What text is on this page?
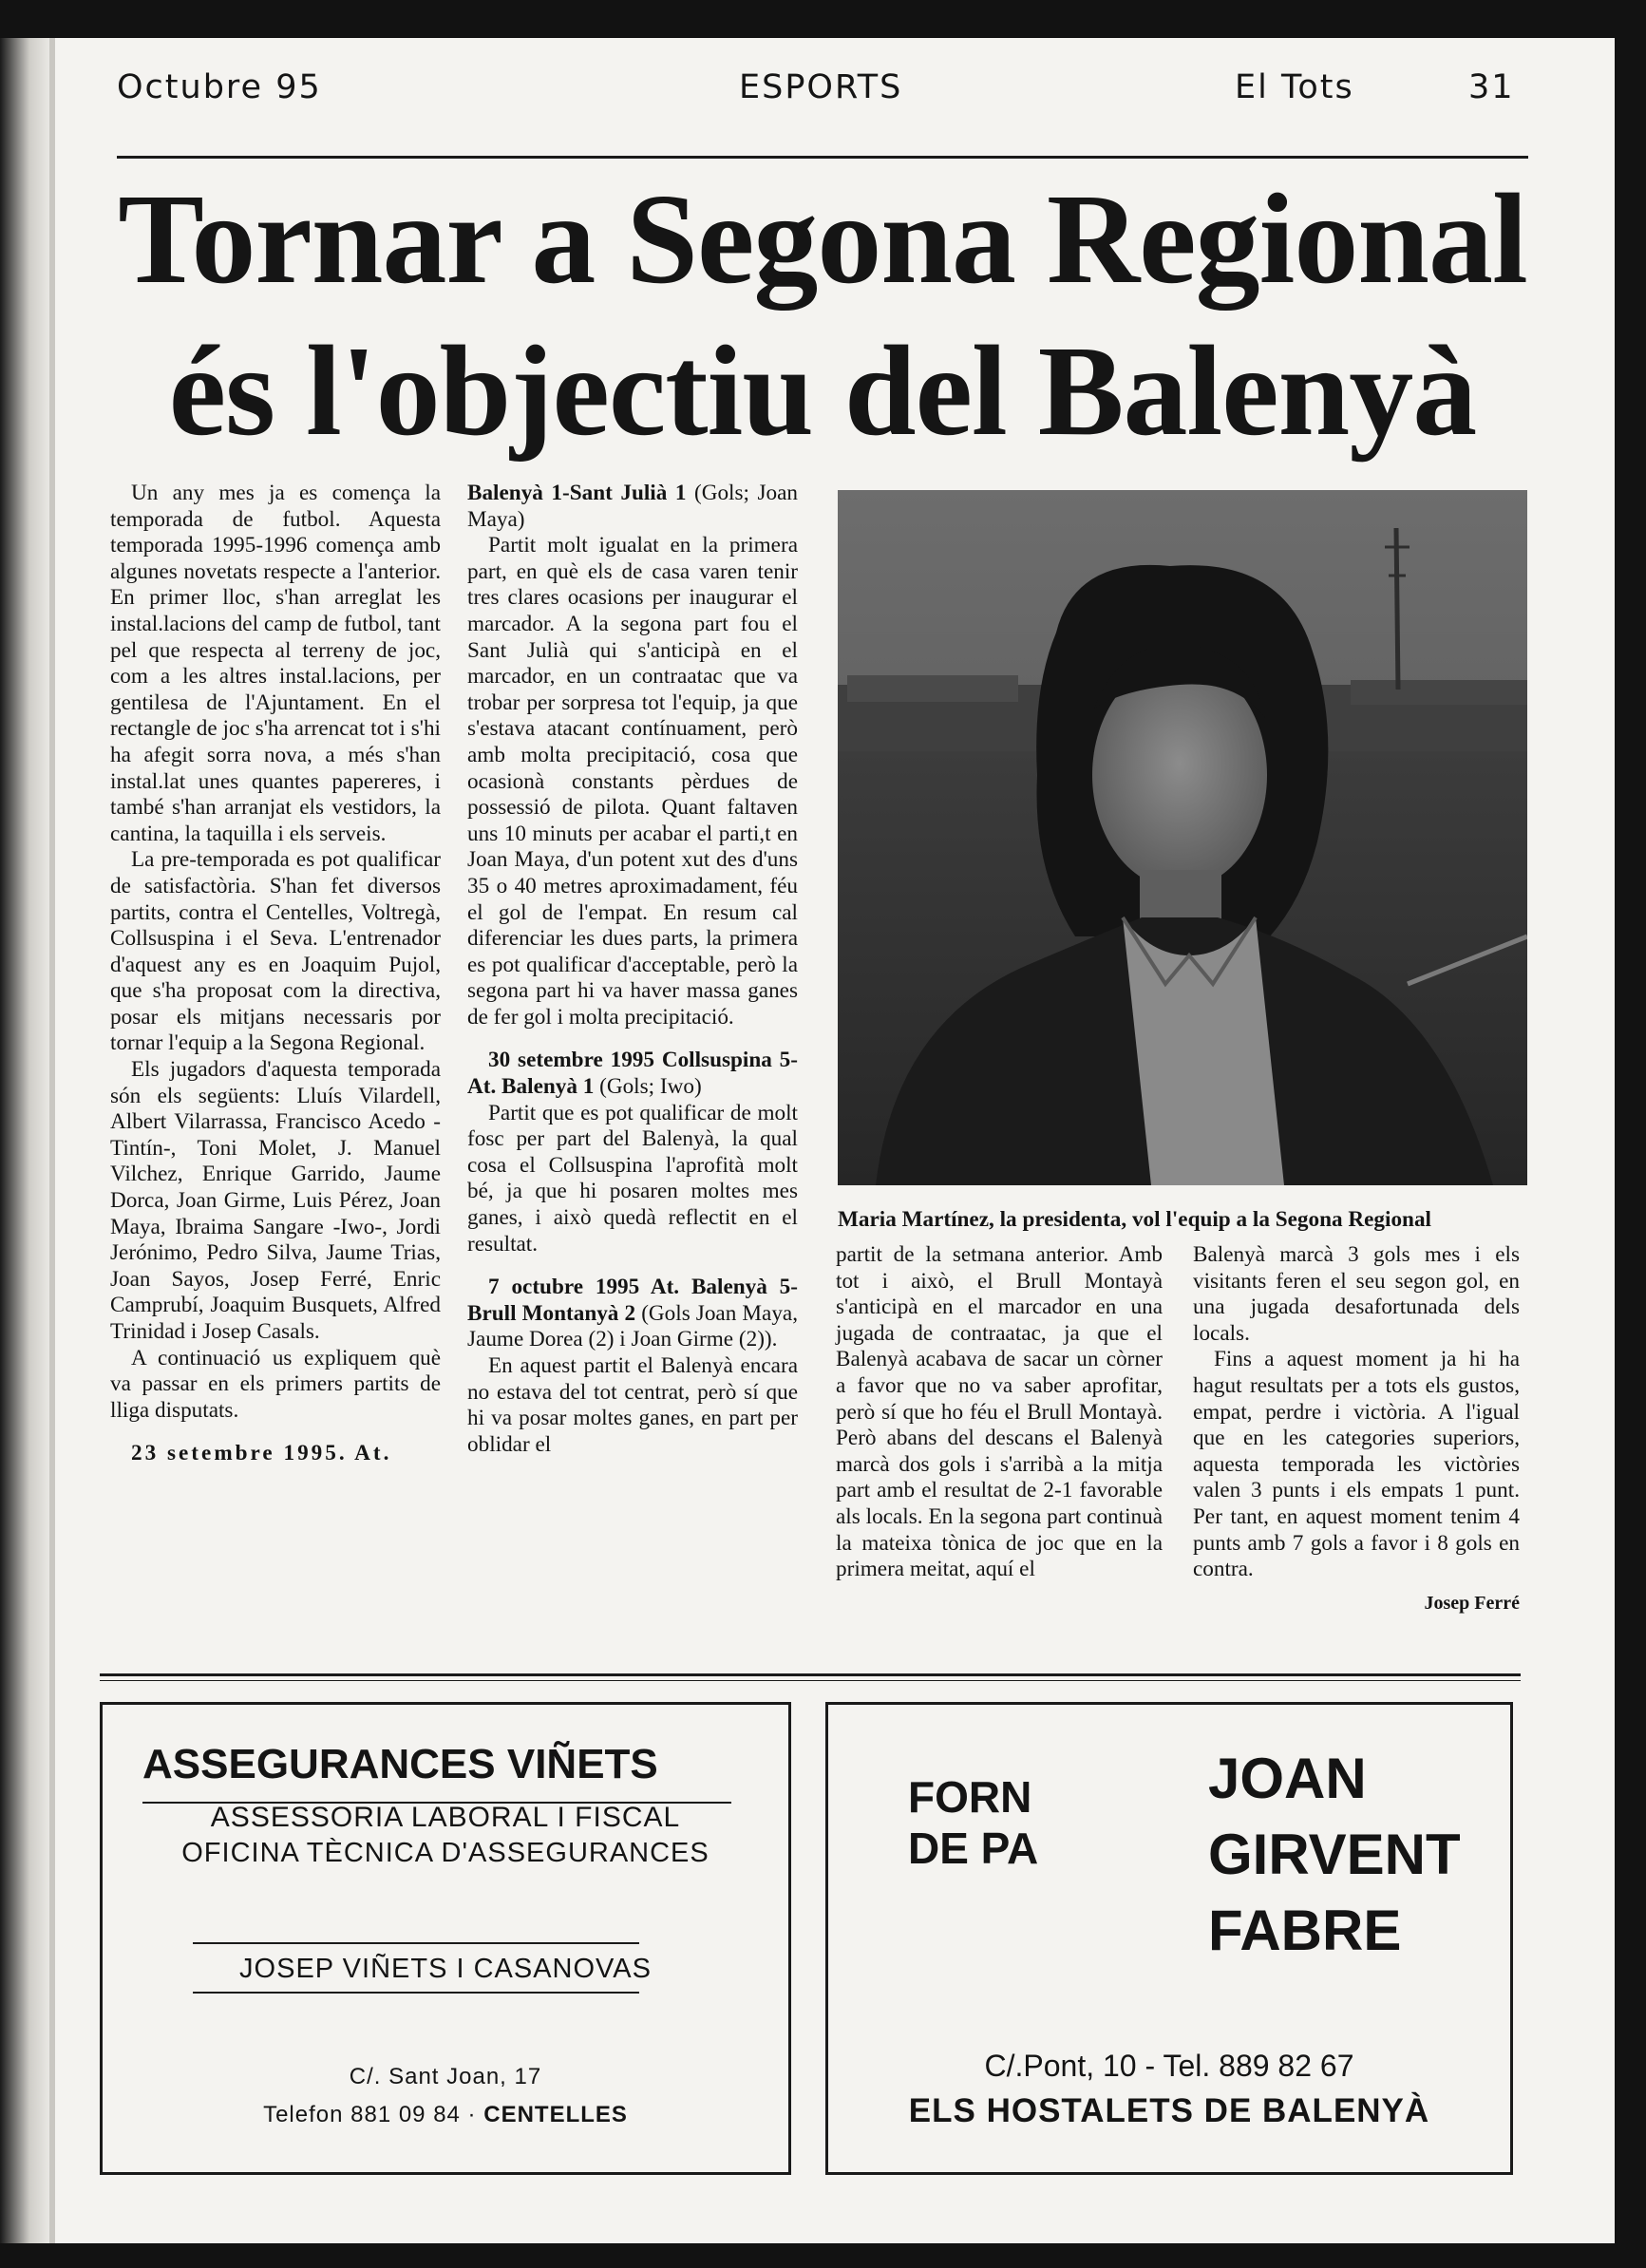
Octubre 95	ESPORTS	El Tots	31
Tornar a Segona Regional
és l'objectiu del Balenyà

Un any mes ja es comença la temporada de futbol. Aquesta temporada 1995-1996 comença amb algunes novetats respecte a l'anterior. En primer lloc, s'han arreglat les instal.lacions del camp de futbol, tant pel que respecta al terreny de joc, com a les altres instal.lacions, per gentilesa de l'Ajuntament. En el rectangle de joc s'ha arrencat tot i s'hi ha afegit sorra nova, a més s'han instal.lat unes quantes papereres, i també s'han arranjat els vestidors, la cantina, la taquilla i els serveis.

La pre-temporada es pot qualificar de satisfactòria. S'han fet diversos partits, contra el Centelles, Voltregà, Collsuspina i el Seva. L'entrenador d'aquest any es en Joaquim Pujol, que s'ha proposat com la directiva, posar els mitjans necessaris por tornar l'equip a la Segona Regional.

Els jugadors d'aquesta temporada són els següents: Lluís Vilardell, Albert Vilarrassa, Francisco Acedo -Tintín-, Toni Molet, J. Manuel Vilchez, Enrique Garrido, Jaume Dorca, Joan Girme, Luis Pérez, Joan Maya, Ibraima Sangare -Iwo-, Jordi Jerónimo, Pedro Silva, Jaume Trias, Joan Sayos, Josep Ferré, Enric Camprubí, Joaquim Busquets, Alfred Trinidad i Josep Casals.

A continuació us expliquem què va passar en els primers partits de lliga disputats.

23 setembre 1995. At.

Balenyà 1-Sant Julià 1 (Gols; Joan Maya)

Partit molt igualat en la primera part, en què els de casa varen tenir tres clares ocasions per inaugurar el marcador. A la segona part fou el Sant Julià qui s'anticipà en el marcador, en un contraatac que va trobar per sorpresa tot l'equip, ja que s'estava atacant contínuament, però amb molta precipitació, cosa que ocasionà constants pèrdues de possessió de pilota. Quant faltaven uns 10 minuts per acabar el parti,t en Joan Maya, d'un potent xut des d'uns 35 o 40 metres aproximadament, féu el gol de l'empat. En resum cal diferenciar les dues parts, la primera es pot qualificar d'acceptable, però la segona part hi va haver massa ganes de fer gol i molta precipitació.

30 setembre 1995 Collsuspina 5-At. Balenyà 1 (Gols; Iwo)

Partit que es pot qualificar de molt fosc per part del Balenyà, la qual cosa el Collsuspina l'aprofità molt bé, ja que hi posaren moltes mes ganes, i això quedà reflectit en el resultat.

7 octubre 1995 At. Balenyà 5-Brull Montanyà 2 (Gols Joan Maya, Jaume Dorea (2) i Joan Girme (2)).

En aquest partit el Balenyà encara no estava del tot centrat, però sí que hi va posar moltes ganes, en part per oblidar el

Maria Martínez, la presidenta, vol l'equip a la Segona Regional

partit de la setmana anterior. Amb tot i això, el Brull Montayà s'anticipà en el marcador en una jugada de contraatac, ja que el Balenyà acabava de sacar un còrner a favor que no va saber aprofitar, però sí que ho féu el Brull Montayà. Però abans del descans el Balenyà marcà dos gols i s'arribà a la mitja part amb el resultat de 2-1 favorable als locals. En la segona part continuà la mateixa tònica de joc que en la primera meitat, aquí el

Balenyà marcà 3 gols mes i els visitants feren el seu segon gol, en una jugada desafortunada dels locals.

Fins a aquest moment ja hi ha hagut resultats per a tots els gustos, empat, perdre i victòria. A l'igual que en les categories superiors, aquesta temporada les victòries valen 3 punts i els empats 1 punt. Per tant, en aquest moment tenim 4 punts amb 7 gols a favor i 8 gols en contra.

Josep Ferré
ASSEGURANCES VIÑETS
ASSESSORIA LABORAL I FISCAL
OFICINA TÈCNICA D'ASSEGURANCES
JOSEP VIÑETS I CASANOVAS
C/. Sant Joan, 17
Telefon 881 09 84 · CENTELLES
FORN
DE PA
JOAN
GIRVENT
FABRE
C/.Pont, 10 - Tel. 889 82 67
ELS HOSTALETS DE BALENYÀ
